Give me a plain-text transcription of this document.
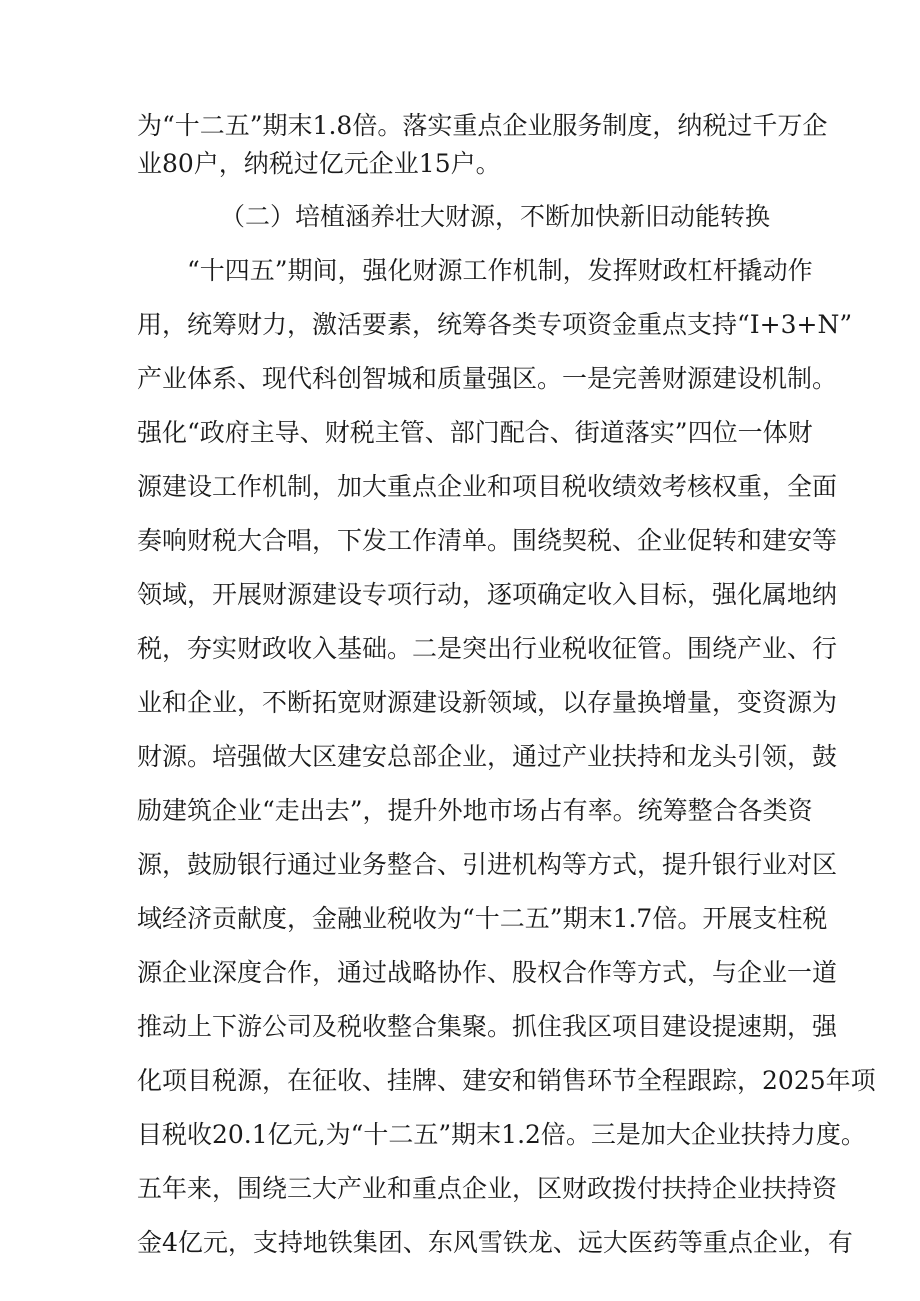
为“十二五”期末1.8倍。落实重点企业服务制度，纳税过千万企
业80户，纳税过亿元企业15户。
（二）培植涵养壮大财源，不断加快新旧动能转换
“十四五”期间，强化财源工作机制，发挥财政杠杆撬动作
用，统筹财力，激活要素，统筹各类专项资金重点支持“I+3+N”
产业体系、现代科创智城和质量强区。一是完善财源建设机制。
强化“政府主导、财税主管、部门配合、街道落实”四位一体财
源建设工作机制，加大重点企业和项目税收绩效考核权重，全面
奏响财税大合唱，下发工作清单。围绕契税、企业促转和建安等
领域，开展财源建设专项行动，逐项确定收入目标，强化属地纳
税，夯实财政收入基础。二是突出行业税收征管。围绕产业、行
业和企业，不断拓宽财源建设新领域，以存量换增量，变资源为
财源。培强做大区建安总部企业，通过产业扶持和龙头引领，鼓
励建筑企业“走出去”，提升外地市场占有率。统筹整合各类资
源，鼓励银行通过业务整合、引进机构等方式，提升银行业对区
域经济贡献度，金融业税收为“十二五”期末1.7倍。开展支柱税
源企业深度合作，通过战略协作、股权合作等方式，与企业一道
推动上下游公司及税收整合集聚。抓住我区项目建设提速期，强
化项目税源，在征收、挂牌、建安和销售环节全程跟踪，2025年项
目税收20.1亿元,为“十二五”期末1.2倍。三是加大企业扶持力度。
五年来，围绕三大产业和重点企业，区财政拨付扶持企业扶持资
金4亿元，支持地铁集团、东风雪铁龙、远大医药等重点企业，有
